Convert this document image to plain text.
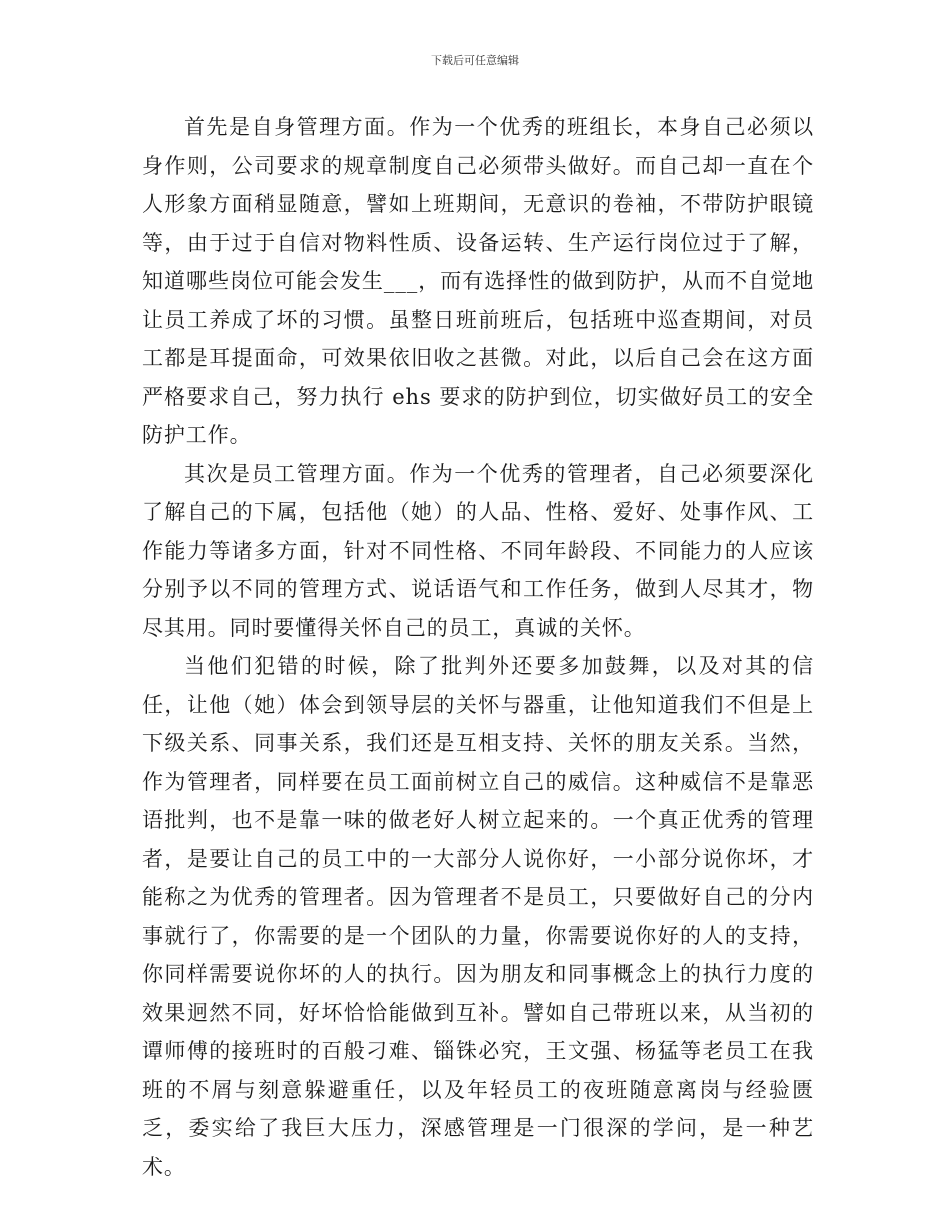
下载后可任意编辑

首先是自身管理方面。作为一个优秀的班组长，本身自己必须以身作则，公司要求的规章制度自己必须带头做好。而自己却一直在个人形象方面稍显随意，譬如上班期间，无意识的卷袖，不带防护眼镜等，由于过于自信对物料性质、设备运转、生产运行岗位过于了解，知道哪些岗位可能会发生___，而有选择性的做到防护，从而不自觉地让员工养成了坏的习惯。虽整日班前班后，包括班中巡查期间，对员工都是耳提面命，可效果依旧收之甚微。对此，以后自己会在这方面严格要求自己，努力执行 ehs 要求的防护到位，切实做好员工的安全防护工作。

其次是员工管理方面。作为一个优秀的管理者，自己必须要深化了解自己的下属，包括他（她）的人品、性格、爱好、处事作风、工作能力等诸多方面，针对不同性格、不同年龄段、不同能力的人应该分别予以不同的管理方式、说话语气和工作任务，做到人尽其才，物尽其用。同时要懂得关怀自己的员工，真诚的关怀。

当他们犯错的时候，除了批判外还要多加鼓舞，以及对其的信任，让他（她）体会到领导层的关怀与器重，让他知道我们不但是上下级关系、同事关系，我们还是互相支持、关怀的朋友关系。当然，作为管理者，同样要在员工面前树立自己的威信。这种威信不是靠恶语批判，也不是靠一味的做老好人树立起来的。一个真正优秀的管理者，是要让自己的员工中的一大部分人说你好，一小部分说你坏，才能称之为优秀的管理者。因为管理者不是员工，只要做好自己的分内事就行了，你需要的是一个团队的力量，你需要说你好的人的支持，你同样需要说你坏的人的执行。因为朋友和同事概念上的执行力度的效果迥然不同，好坏恰恰能做到互补。譬如自己带班以来，从当初的谭师傅的接班时的百般刁难、锱铢必究，王文强、杨猛等老员工在我班的不屑与刻意躲避重任，以及年轻员工的夜班随意离岗与经验匮乏，委实给了我巨大压力，深感管理是一门很深的学问，是一种艺术。
